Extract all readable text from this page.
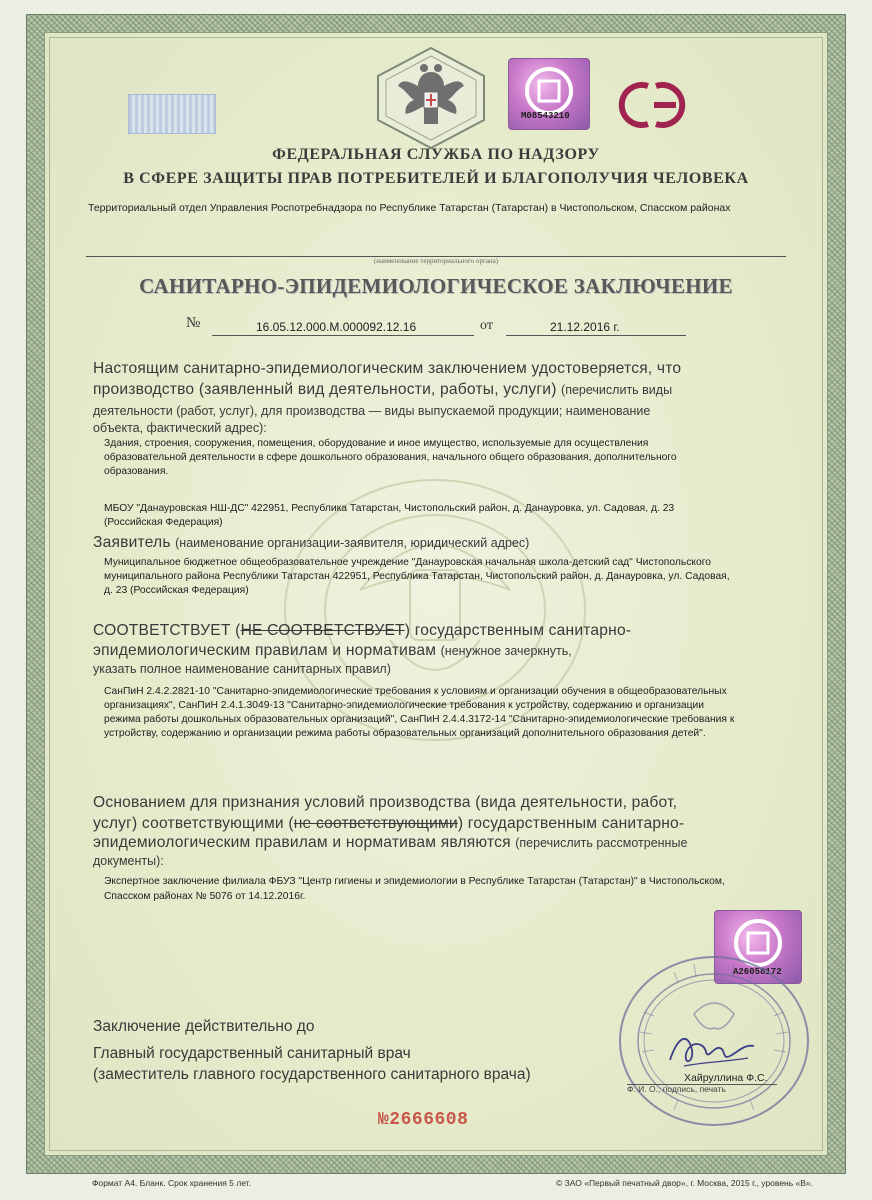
M08543210
ФЕДЕРАЛЬНАЯ СЛУЖБА ПО НАДЗОРУ
В СФЕРЕ ЗАЩИТЫ ПРАВ ПОТРЕБИТЕЛЕЙ И БЛАГОПОЛУЧИЯ ЧЕЛОВЕКА
Территориальный отдел Управления Роспотребнадзора по Республике Татарстан (Татарстан) в Чистопольском, Спасском районах
(наименование территориального органа)
САНИТАРНО-ЭПИДЕМИОЛОГИЧЕСКОЕ ЗАКЛЮЧЕНИЕ
№	16.05.12.000.М.000092.12.16	от	21.12.2016 г.
Настоящим санитарно-эпидемиологическим заключением удостоверяется, что
производство (заявленный вид деятельности, работы, услуги) (перечислить виды
деятельности (работ, услуг), для производства — виды выпускаемой продукции; наименование
объекта, фактический адрес):
Здания, строения, сооружения, помещения, оборудование и иное имущество, используемые для осуществления
образовательной деятельности в сфере дошкольного образования, начального общего образования, дополнительного
образования.
МБОУ "Данауровская НШ-ДС" 422951, Республика Татарстан, Чистопольский район, д. Данауровка, ул. Садовая, д. 23
(Российская Федерация)
Заявитель (наименование организации-заявителя, юридический адрес)
Муниципальное бюджетное общеобразовательное учреждение "Данауровская начальная школа-детский сад" Чистопольского
муниципального района Республики Татарстан 422951, Республика Татарстан, Чистопольский район, д. Данауровка, ул. Садовая,
д. 23 (Российская Федерация)
СООТВЕТСТВУЕТ (НЕ СООТВЕТСТВУЕТ) государственным санитарно-
эпидемиологическим правилам и нормативам (ненужное зачеркнуть,
указать полное наименование санитарных правил)
СанПиН 2.4.2.2821-10 "Санитарно-эпидемиологические требования к условиям и организации обучения в общеобразовательных
организациях", СанПиН 2.4.1.3049-13 "Санитарно-эпидемиологические требования к устройству, содержанию и организации
режима работы дошкольных образовательных организаций", СанПиН 2.4.4.3172-14 "Санитарно-эпидемиологические требования к
устройству, содержанию и организации режима работы образовательных организаций дополнительного образования детей".
Основанием для признания условий производства (вида деятельности, работ,
услуг) соответствующими (не соответствующими) государственным санитарно-
эпидемиологическим правилам и нормативам являются (перечислить рассмотренные
документы):
Экспертное заключение филиала ФБУЗ "Центр гигиены и эпидемиологии в Республике Татарстан (Татарстан)" в Чистопольском,
Спасском районах № 5076 от 14.12.2016г.
A26058172
Заключение действительно до
Главный государственный санитарный врач
(заместитель главного государственного санитарного врача)	Хайруллина Ф.С.
Ф. И. О., подпись, печать
№2666608
Формат А4. Бланк. Срок хранения 5 лет.	© ЗАО «Первый печатный двор», г. Москва, 2015 г., уровень «В».
